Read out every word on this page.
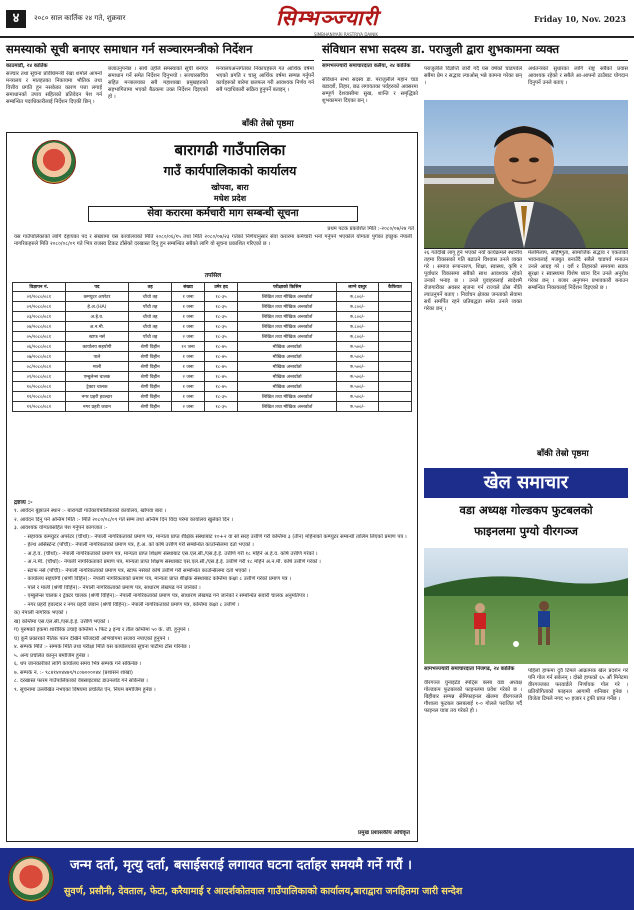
४	२०८० साल कार्तिक २४ गते, शुक्रवार	सिम्भञ्ज्यारी
SIMBHANJYARI RASTRIYA DAINIK
Friday 10, Nov. 2023
समस्याको सूची बनाएर समाधान गर्न सञ्चारमन्त्रीको निर्देशन
काठमाडौं, २४ कार्तिक
सञ्चार तथा सूचना प्रविधिमन्त्री रेखा शर्माले आफ्नो मन्त्रालय र मातहतका निकायमा भौतिक तथा वित्तीय प्रगति हुन नसकेका कारण पत्ता लगाई समाधानको उपाय सहितको प्रतिवेदन पेश गर्न सम्बन्धित पदाधिकारीलाई निर्देशन दिएकी छिन् ।
बजाउनुपर्नेछ । साथै उहाँले समस्याको सूची बनाएर समाधान गर्ने समेत निर्देशन दिनुभयो । सञ्चारसचिव सहित मन्त्रालयका सबै महाशाखा प्रमुखहरुको सहभागितामा भएको बैठकमा उक्त निर्देशन दिइएको हो ।
मन्त्रालयअन्तर्गतका निकायहरुले गत आर्थिक वर्षमा भएको प्रगति र चालु आर्थिक वर्षमा सम्पन्न गर्नुपर्ने कार्यहरुको बारेमा छलफल गरी आवश्यक निर्णय गर्न सबै पदाधिकारी सक्रिय हुनुपर्ने बताइन् ।
बाँकी तेस्रो पृष्ठमा
संविधान सभा सदस्य डा. पराजुली द्वारा शुभकामना व्यक्त
सामभञ्ज्यारी समाचारदाता कलैया, २४ कार्तिक
संविधान सभा सदस्य डा. पराजुलीले महान चाड बडादशैं, तिहार, छठ लगायतका पर्वहरुको अवसरमा सम्पूर्ण देशवासीमा सुख, शान्ति र समृद्धिको शुभकामना दिएका छन् ।
पराजुलीले विज्ञप्ति जारी गर्दै यस वर्षको चाडपर्वले सबैमा प्रेम र सद्भाव ल्याओस् भन्ने कामना गरेका छन् ।
अर्थतन्त्रको सुधारका लागि राष्ट्र सबैको प्रयास आवश्यक रहेको र सबैले आ-आफ्नो ठाउँबाट योगदान दिनुपर्ने उनले बताए ।
२६ गतेदेखि लागू हुने भएको नयाँ कार्यक्रमले स्थानीय तहमा विकासको गति बढाउने विश्वास उनले व्यक्त गरे । समाज रूपान्तरण, शिक्षा, स्वास्थ्य, कृषि र पूर्वाधार विकासमा सबैको साथ आवश्यक रहेको उनको भनाइ छ । उनले युवाहरुलाई स्वदेशमै रोजगारीका अवसर सृजना गर्न राज्यले ठोस नीति ल्याउनुपर्ने बताए । निर्वाचन क्षेत्रका जनताको सेवामा सधैं समर्पित रहने प्रतिबद्धता समेत उनले व्यक्त गरेका छन् ।
मेलमिलाप, सहिष्णुता, सामाजिक सद्भाव र एकताको भावनालाई मजबुत बनाउँदै सबैले चाडपर्व मनाउन उनले आग्रह गरे । दशैं र तिहारको समयमा सडक सुरक्षा र स्वास्थ्यमा विशेष ध्यान दिन उनले अनुरोध गरेका छन् । बजार अनुगमन प्रभावकारी बनाउन सम्बन्धित निकायलाई निर्देशन दिइएको छ ।
बाँकी तेस्रो पृष्ठमा
बारागढी गाउँपालिका
गाउँ कार्यपालिकाको कार्यालय
खोपवा, बारा
मधेश प्रदेश
सेवा करारमा कर्मचारी माग सम्बन्धी सूचना
प्रथम पटक प्रकाशित मिति :-२०८०/०७/२४ गते
यस गाउँपालिकाको लागि देहायका पद र संख्यामा यस कार्यालयको मिति २०८०/०६/१५ तथा मिति २०८०/०७/२३ गतेको निर्णयानुसार सेवा करारमा कर्मचारी भर्ना गर्नुपर्ने भएकोले योग्यता पुगेका इच्छुक नेपाली नागरिकहरुले मिति २०८०/०८/०९ गते भित्र राजस्व टिकट टाँसेको दरखास्त दिनु हुन सम्बन्धित सबैको लागि यो सूचना प्रकाशित गरिएको छ ।
तपसिल
विज्ञापन नं.	पद	तह	संख्या	उमेर हद	परीक्षाको किसिम	लाग्ने दस्तुर	कैफियत
०१/२०८०/०८१	कम्प्युटर अपरेटर	चौथो तह	१ जना	१८-३५	लिखित तथा मौखिक अन्तर्वार्ता	रु.८००/-	
०२/२०८०/०८१	हे.अ.(HA)	पाँचौ तह	१ जना	१८-३५	लिखित तथा मौखिक अन्तर्वार्ता	रु.८००/-	
०३/२०८०/०८१	अ.हे.व.	चौथो तह	१ जना	१८-३५	लिखित तथा मौखिक अन्तर्वार्ता	रु.८००/-	
०४/२०८०/०८१	अ.न.मी.	चौथो तह	१ जना	१८-३५	लिखित तथा मौखिक अन्तर्वार्ता	रु.८००/-	
०५/२०८०/०८१	स्टाफ नर्स	पाँचौ तह	२ जना	१८-३५	लिखित तथा मौखिक अन्तर्वार्ता	रु.८००/-	
०६/२०८०/०८१	कार्यालय सहयोगी	श्रेणी विहीन	१२ जना	१८-४५	मौखिक अन्तर्वार्ता	रु.५००/-	
०७/२०८०/०८१	पाले	श्रेणी विहीन	१ जना	१८-४५	मौखिक अन्तर्वार्ता	रु.५००/-	
०८/२०८०/०८१	माली	श्रेणी विहीन	१ जना	१८-४५	मौखिक अन्तर्वार्ता	रु.५००/-	
०९/२०८०/०८१	एम्बुलेन्स चालक	श्रेणी विहीन	२ जना	१८-४५	मौखिक अन्तर्वार्ता	रु.५००/-	
१०/२०८०/०८१	ट्रेक्टर चालक	श्रेणी विहीन	१ जना	१८-४५	मौखिक अन्तर्वार्ता	रु.५००/-	
११/२०८०/०८१	नगर प्रहरी हवल्दार	श्रेणी विहीन	१ जना	१८-३५	लिखित तथा मौखिक अन्तर्वार्ता	रु.५००/-	
१२/२०८०/०८१	नगर प्रहरी जवान	श्रेणी विहीन	२ जना	१८-३५	लिखित तथा मौखिक अन्तर्वार्ता	रु.५००/-	
द्रष्टव्य :-
१. आवेदन बुझाउने स्थान :- बारागढी गाउँकार्यपालिकाको कार्यालय, खोपवा बारा ।
२. आवेदन दिनु पर्ने अन्तिम मिति :- मिति २०८०/०८/०९ गते सम्म तथा अन्तिम दिन विदा परेमा कार्यालय खुलेको दिन ।
३. आवश्यक योग्यतासहित पेश गर्नुपर्ने कागजात :-
- सहायक कम्प्युटर अपरेटर (चौथो):- नेपाली नागरिकताको प्रमाण पत्र, मान्यता प्राप्त शैक्षिक संस्थाबाट १०+२ वा सो सरह उत्तीर्ण गरी कम्तिमा ३ (तीन) महिनाको कम्प्युटर सम्बन्धी तालिम लिएको प्रमाण पत्र ।
- हेल्थ असिस्टेन्ट (पाँचौ):- नेपाली नागरिकताको प्रमाण पत्र, हे.अ. को कोर्ष उत्तीर्ण गरी सम्बन्धित काउन्सिलमा दर्ता भएको ।
- अ.हे.व. (चौथो):- नेपाली नागरिकताको प्रमाण पत्र, मान्यता प्राप्त शिक्षण संस्थाबाट एस.एल.सी./एस.ई.ई. उत्तीर्ण गरी १८ महिने अ.हे.व. कोर्ष उत्तीर्ण गरेको ।
- अ.न.मी. (चौथो):- नेपाली नागरिकताको प्रमाण पत्र, मान्यता प्राप्त शिक्षण संस्थाबाट एस.एल.सी./एस.ई.ई. उत्तीर्ण गरी १८ महिने अ.न.मी. कोर्ष उत्तीर्ण गरेको ।
- स्टाफ नर्स (पाँचौ):- नेपाली नागरिकताको प्रमाण पत्र, स्टाफ नर्सको कोर्ष उत्तीर्ण गरी सम्बन्धित काउन्सिलमा दर्ता भएको ।
- कार्यालय सहयोगी (श्रेणी विहिन):- नेपाली नागरिकताको प्रमाण पत्र, मान्यता प्राप्त शैक्षिक संस्थाबाट कम्तिमा कक्षा ८ उत्तीर्ण गरेको प्रमाण पत्र ।
- पाले र माली (श्रेणी विहिन):- नेपाली नागरिकताको प्रमाण पत्र, साधारण लेखपढ गर्न जानेको ।
- एम्बुलेन्स चालक र ट्रेक्टर चालक (श्रेणी विहिन):- नेपाली नागरिकताको प्रमाण पत्र, साधारण लेखपढ गर्न जानेको र सम्बन्धित सवारी चालक अनुमतिपत्र ।
- नगर प्रहरी हवल्दार र नगर प्रहरी जवान (श्रेणी विहिन):- नेपाली नागरिकताको प्रमाण पत्र, कम्तिमा कक्षा ८ उत्तीर्ण ।
क) नेपाली नागरिक भएको ।
ख) कम्तिमा एस.एल.सी./एस.ई.ई. उत्तीर्ण भएको ।
ग) पुरुषको हकमा शारीरिक उचाई कम्तिमा ५ फिट ३ इन्च र तौल कम्तिमा ५० के. जी. हुनुपर्ने ।
घ) कुनै प्रकारको नैतिक पतन देखिने फौजदारी अभियोगमा सजाय नपाएको हुनुपर्ने ।
४. सम्पर्क मिति :- सम्पर्क मिति तथा परीक्षा मिति यस कार्यालयको सूचना पाटीमा टाँस गरिनेछ ।
५. अन्य प्रचलित कानून बमोजिम हुनेछ ।
६. थप जानकारीको लागि कार्यालय समय भित्र सम्पर्क गर्न सकिनेछ ।
७. सम्पर्क नं. :- ९८४१४०४४७९/९८०७००००४४ (प्रशासन शाखा)
८. दरखास्त फारम गाउँपालिकाको वेबसाइटबाट डाउनलोड गर्न सकिनेछ ।
९. सूचनामा उल्लेखित नभएका विषयमा प्रचलित ऐन, नियम बमोजिम हुनेछ ।
प्रमुख प्रशासकीय अधिकृत
खेल समाचार
वडा अध्यक्ष गोल्डकप फुटबलको
फाइनलमा पुग्यो वीरगञ्ज
सामभञ्ज्यारी समाचारदाता निजगढ, २४ कार्तिक
वीरगञ्ज युनाइटेड स्पोर्ट्स क्लब वडा अध्यक्ष गोल्डकप फुटबलको फाइनलमा प्रवेश गरेको छ । बिहीबार सम्पन्न सेमिफाइनल खेलमा वीरगञ्जले गौशाला फुटबल क्लबलाई १-० गोलले पराजित गर्दै फाइनल यात्रा तय गरेको हो ।
पहिलो हाफमा दुवै टिमले आक्रामक खेल प्रदर्शन गरे पनि गोल गर्न सकेनन् । दोस्रो हाफको ६५ औं मिनेटमा वीरगञ्जका फरवार्डले निर्णायक गोल गरे । प्रतियोगिताको फाइनल आगामी शनिबार हुनेछ । विजेता टिमले नगद ५० हजार र ट्रफी प्राप्त गर्नेछ ।
जन्म दर्ता, मृत्यु दर्ता, बसाईसराई लगायत घटना दर्ताहर समयमै गर्ने गरौं ।
सुवर्ण, प्रसौनी, देवताल, फेटा, करैयामाई र आदर्शकोतवाल गाउँपालिकाको कार्यालय,बारा‌द्वारा जनहितमा जारी सन्देश
